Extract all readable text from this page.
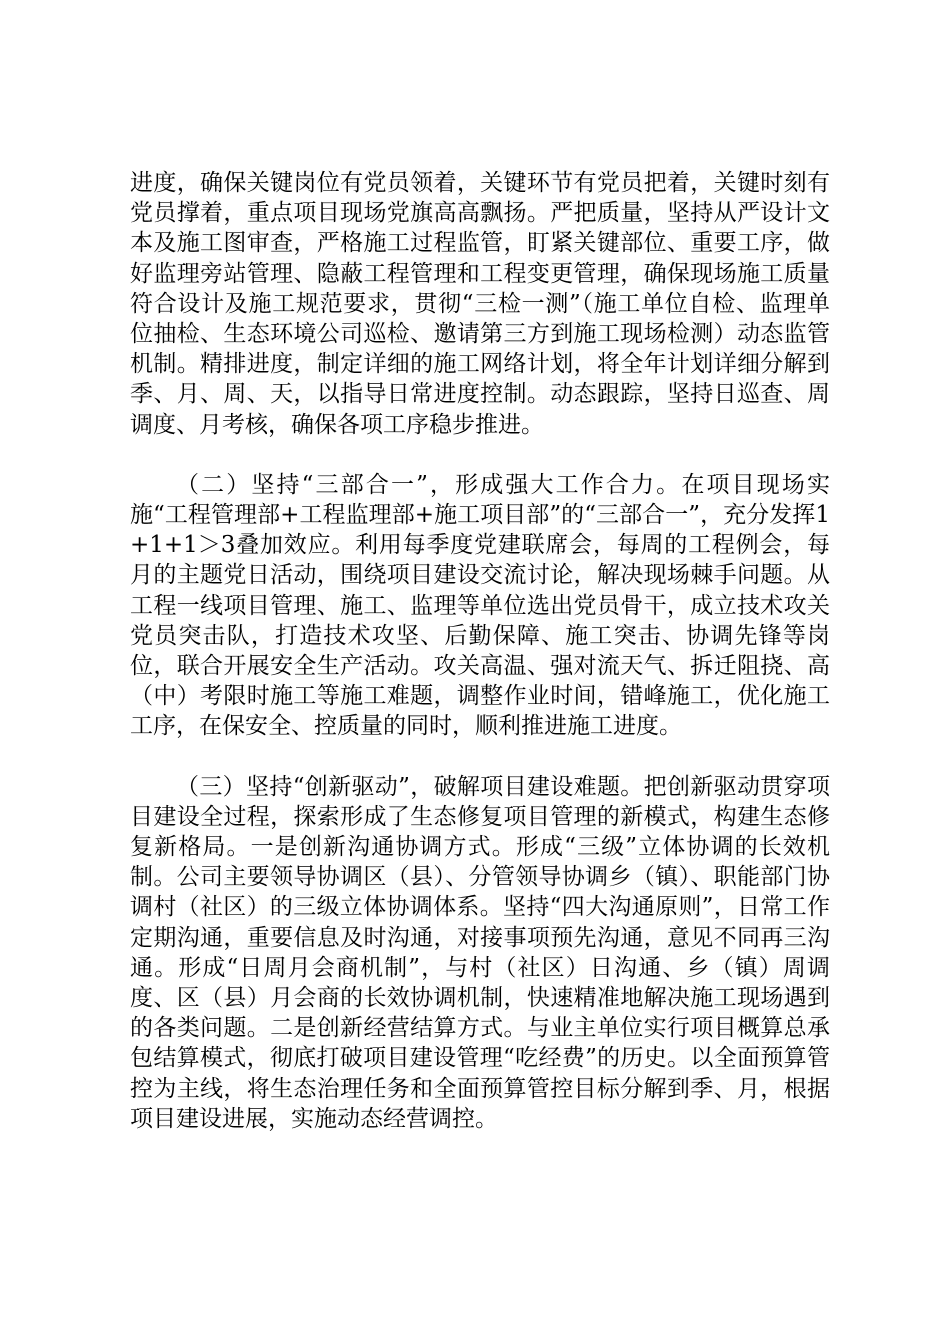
进度，确保关键岗位有党员领着，关键环节有党员把着，关键时刻有党员撑着，重点项目现场党旗高高飘扬。严把质量，坚持从严设计文本及施工图审查，严格施工过程监管，盯紧关键部位、重要工序，做好监理旁站管理、隐蔽工程管理和工程变更管理，确保现场施工质量符合设计及施工规范要求，贯彻“三检一测”（施工单位自检、监理单位抽检、生态环境公司巡检、邀请第三方到施工现场检测）动态监管机制。精排进度，制定详细的施工网络计划，将全年计划详细分解到季、月、周、天，以指导日常进度控制。动态跟踪，坚持日巡查、周调度、月考核，确保各项工序稳步推进。

（二）坚持“三部合一”，形成强大工作合力。在项目现场实施“工程管理部+工程监理部+施工项目部”的“三部合一”，充分发挥1+1+1＞3叠加效应。利用每季度党建联席会，每周的工程例会，每月的主题党日活动，围绕项目建设交流讨论，解决现场棘手问题。从工程一线项目管理、施工、监理等单位选出党员骨干，成立技术攻关党员突击队，打造技术攻坚、后勤保障、施工突击、协调先锋等岗位，联合开展安全生产活动。攻关高温、强对流天气、拆迁阻挠、高（中）考限时施工等施工难题，调整作业时间，错峰施工，优化施工工序，在保安全、控质量的同时，顺利推进施工进度。

（三）坚持“创新驱动”，破解项目建设难题。把创新驱动贯穿项目建设全过程，探索形成了生态修复项目管理的新模式，构建生态修复新格局。一是创新沟通协调方式。形成“三级”立体协调的长效机制。公司主要领导协调区（县）、分管领导协调乡（镇）、职能部门协调村（社区）的三级立体协调体系。坚持“四大沟通原则”，日常工作定期沟通，重要信息及时沟通，对接事项预先沟通，意见不同再三沟通。形成“日周月会商机制”，与村（社区）日沟通、乡（镇）周调度、区（县）月会商的长效协调机制，快速精准地解决施工现场遇到的各类问题。二是创新经营结算方式。与业主单位实行项目概算总承包结算模式，彻底打破项目建设管理“吃经费”的历史。以全面预算管控为主线，将生态治理任务和全面预算管控目标分解到季、月，根据项目建设进展，实施动态经营调控。
